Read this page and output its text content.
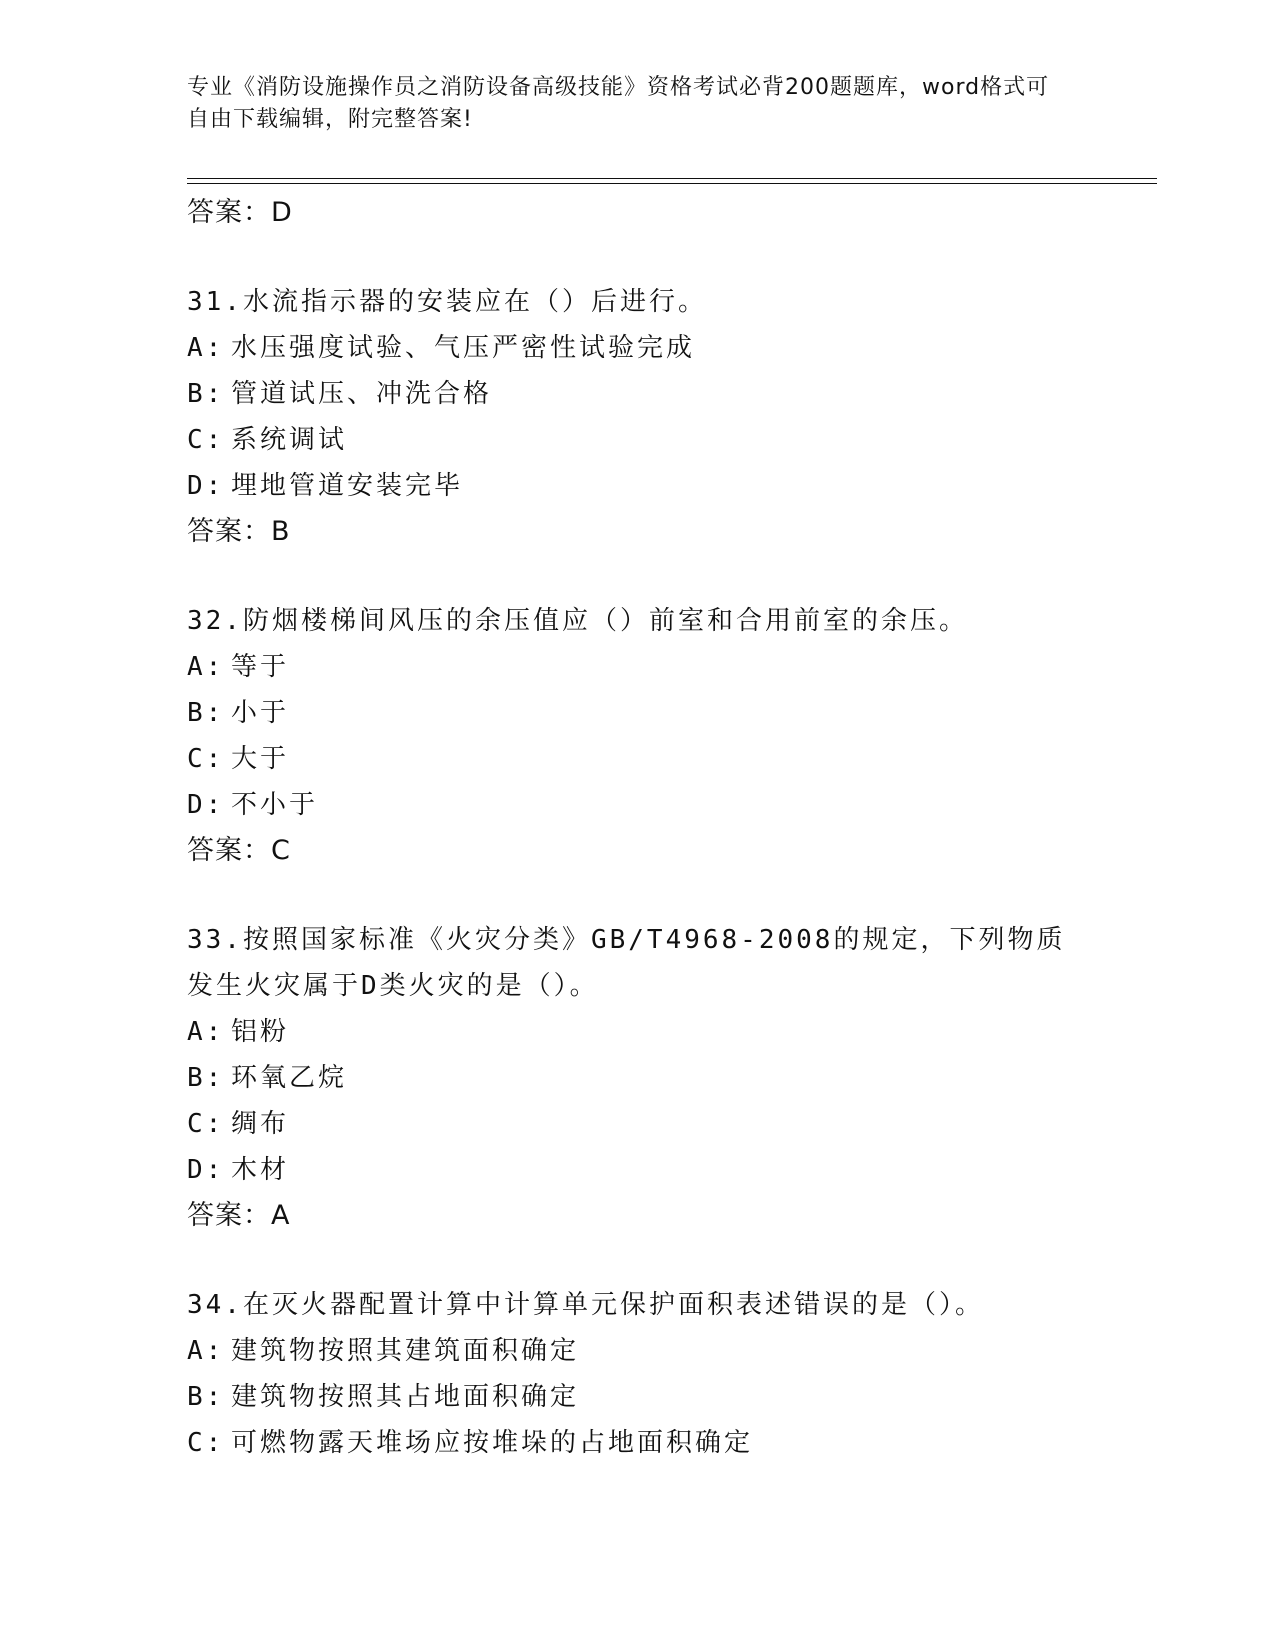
专业《消防设施操作员之消防设备高级技能》资格考试必背200题题库，word格式可自由下载编辑，附完整答案!
答案：D
31.水流指示器的安装应在（）后进行。
A: 水压强度试验、气压严密性试验完成
B: 管道试压、冲洗合格
C: 系统调试
D: 埋地管道安装完毕
答案：B
32.防烟楼梯间风压的余压值应（）前室和合用前室的余压。
A: 等于
B: 小于
C: 大于
D: 不小于
答案：C
33.按照国家标准《火灾分类》GB/T4968-2008的规定，下列物质发生火灾属于D类火灾的是（）。
A: 铝粉
B: 环氧乙烷
C: 绸布
D: 木材
答案：A
34.在灭火器配置计算中计算单元保护面积表述错误的是（）。
A: 建筑物按照其建筑面积确定
B: 建筑物按照其占地面积确定
C: 可燃物露天堆场应按堆垛的占地面积确定
